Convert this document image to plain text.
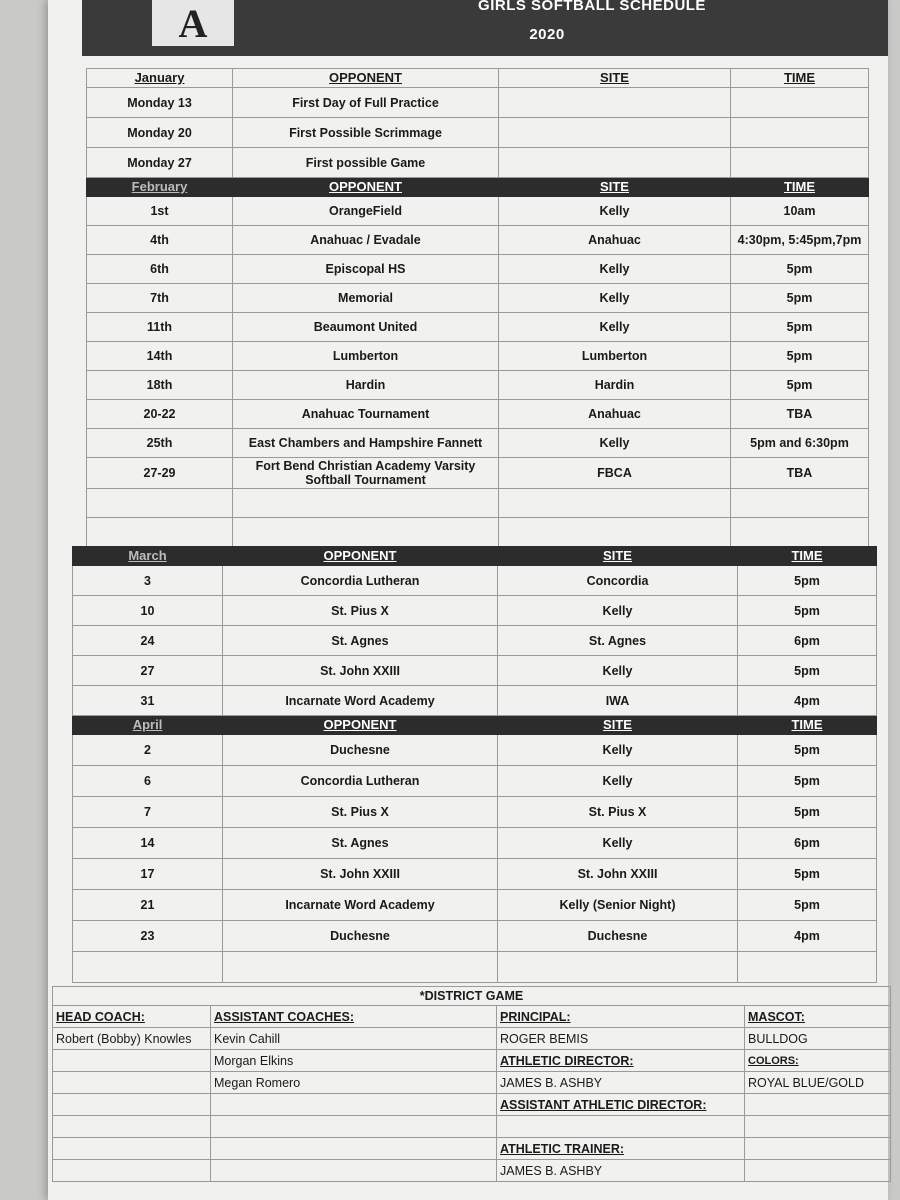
A	GIRLS SOFTBALL SCHEDULE
2020
January	OPPONENT	SITE	TIME
Monday 13	First Day of Full Practice		
Monday 20	First Possible Scrimmage		
Monday 27	First possible Game		
February	OPPONENT	SITE	TIME
1st	OrangeField	Kelly	10am
4th	Anahuac / Evadale	Anahuac	4:30pm, 5:45pm,7pm
6th	Episcopal HS	Kelly	5pm
7th	Memorial	Kelly	5pm
11th	Beaumont United	Kelly	5pm
14th	Lumberton	Lumberton	5pm
18th	Hardin	Hardin	5pm
20-22	Anahuac Tournament	Anahuac	TBA
25th	East Chambers and Hampshire Fannett	Kelly	5pm and 6:30pm
27-29	Fort Bend Christian Academy Varsity Softball Tournament	FBCA	TBA

March	OPPONENT	SITE	TIME
3	Concordia Lutheran	Concordia	5pm
10	St. Pius X	Kelly	5pm
24	St. Agnes	St. Agnes	6pm
27	St. John XXIII	Kelly	5pm
31	Incarnate Word Academy	IWA	4pm
April	OPPONENT	SITE	TIME
2	Duchesne	Kelly	5pm
6	Concordia Lutheran	Kelly	5pm
7	St. Pius X	St. Pius X	5pm
14	St. Agnes	Kelly	6pm
17	St. John XXIII	St. John XXIII	5pm
21	Incarnate Word Academy	Kelly (Senior Night)	5pm
23	Duchesne	Duchesne	4pm

*DISTRICT GAME			
HEAD COACH:	ASSISTANT COACHES:	PRINCIPAL:	MASCOT:
Robert (Bobby) Knowles	Kevin Cahill	ROGER BEMIS	BULLDOG
	Morgan Elkins	ATHLETIC DIRECTOR:	COLORS:
	Megan Romero	JAMES B. ASHBY	ROYAL BLUE/GOLD
		ASSISTANT ATHLETIC DIRECTOR:	

		ATHLETIC TRAINER:	
		JAMES B. ASHBY	
